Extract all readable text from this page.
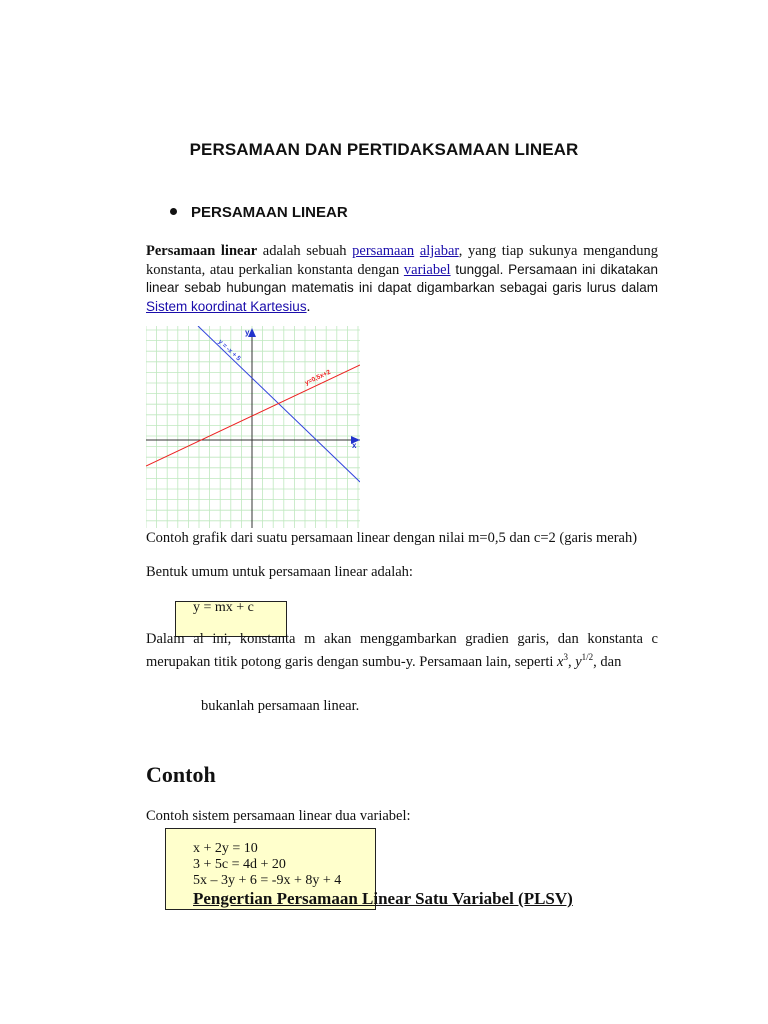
PERSAMAAN DAN PERTIDAKSAMAAN LINEAR
PERSAMAAN LINEAR
Persamaan linear adalah sebuah persamaan aljabar, yang tiap sukunya mengandung konstanta, atau perkalian konstanta dengan variabel tunggal. Persamaan ini dikatakan linear sebab hubungan matematis ini dapat digambarkan sebagai garis lurus dalam Sistem koordinat Kartesius.
y
x
y = -x + 5
y=0,5x+2
Contoh grafik dari suatu persamaan linear dengan nilai m=0,5 dan c=2 (garis merah)
Bentuk umum untuk persamaan linear adalah:
y = mx + c
Dalam al ini, konstanta m akan menggambarkan gradien garis, dan konstanta c merupakan titik potong garis dengan sumbu-y. Persamaan lain, seperti $x^3$, $y^{1/2}$, dan
bukanlah persamaan linear.
Contoh
Contoh sistem persamaan linear dua variabel:
x + 2y = 10
3 + 5c = 4d + 20
5x – 3y + 6 = -9x + 8y + 4
Pengertian Persamaan Linear Satu Variabel (PLSV)
